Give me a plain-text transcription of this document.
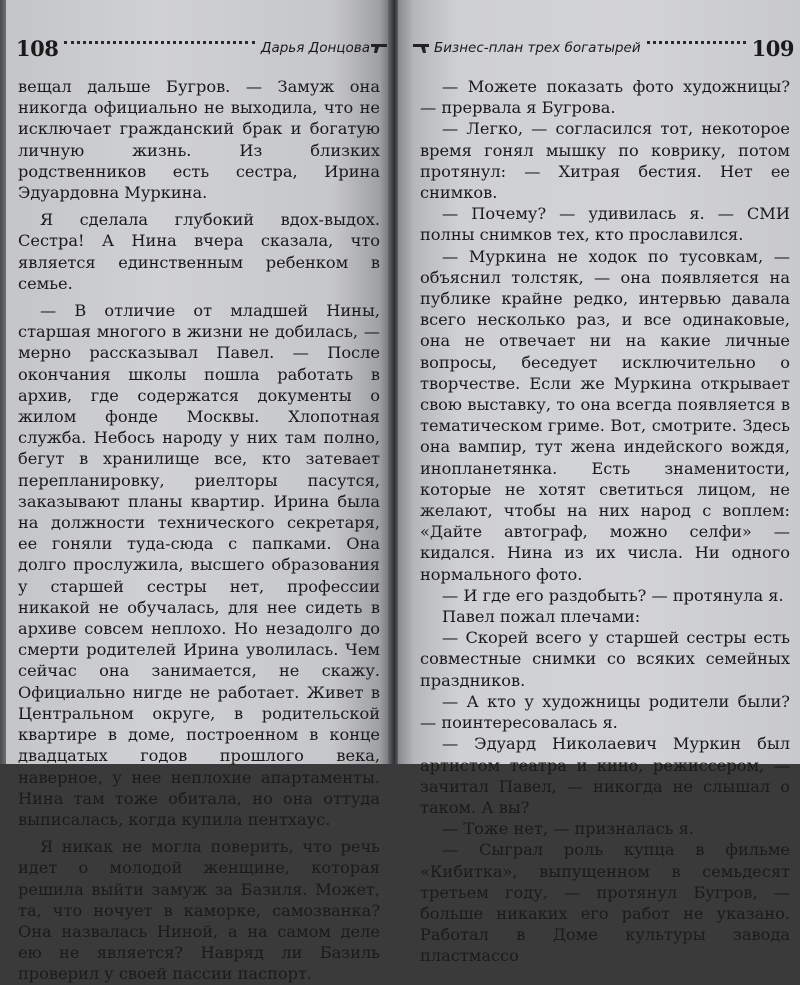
108	Дарья Донцова

вещал дальше Бугров. — Замуж она никогда официально не выходила, что не исключает гражданский брак и богатую личную жизнь. Из близких родственников есть сестра, Ирина Эдуардовна Муркина.

Я сделала глубокий вдох-выдох. Сестра! А Нина вчера сказала, что является единственным ребенком в семье.

— В отличие от младшей Нины, старшая многого в жизни не добилась, — мерно рассказывал Павел. — После окончания школы пошла работать в архив, где содержатся документы о жилом фонде Москвы. Хлопотная служба. Небось народу у них там полно, бегут в хранилище все, кто затевает перепланировку, риелторы пасутся, заказывают планы квартир. Ирина была на должности технического секретаря, ее гоняли туда-сюда с папками. Она долго прослужила, высшего образования у старшей сестры нет, профессии никакой не обучалась, для нее сидеть в архиве совсем неплохо. Но незадолго до смерти родителей Ирина уволилась. Чем сейчас она занимается, не скажу. Официально нигде не работает. Живет в Центральном округе, в родительской квартире в доме, построенном в конце двадцатых годов прошлого века, наверное, у нее неплохие апартаменты. Нина там тоже обитала, но она оттуда выписалась, когда купила пентхаус.

Я никак не могла поверить, что речь идет о молодой женщине, которая решила выйти замуж за Базиля. Может, та, что ночует в каморке, самозванка? Она назвалась Ниной, а на самом деле ею не является? Навряд ли Базиль проверил у своей пассии паспорт.

Бизнес-план трех богатырей	109

— Можете показать фото художницы? — прервала я Бугрова.

— Легко, — согласился тот, некоторое время гонял мышку по коврику, потом протянул: — Хитрая бестия. Нет ее снимков.

— Почему? — удивилась я. — СМИ полны снимков тех, кто прославился.

— Муркина не ходок по тусовкам, — объяснил толстяк, — она появляется на публике крайне редко, интервью давала всего несколько раз, и все одинаковые, она не отвечает ни на какие личные вопросы, беседует исключительно о творчестве. Если же Муркина открывает свою выставку, то она всегда появляется в тематическом гриме. Вот, смотрите. Здесь она вампир, тут жена индейского вождя, инопланетянка. Есть знаменитости, которые не хотят светиться лицом, не желают, чтобы на них народ с воплем: «Дайте автограф, можно селфи» — кидался. Нина из их числа. Ни одного нормального фото.

— И где его раздобыть? — протянула я.

Павел пожал плечами:

— Скорей всего у старшей сестры есть совместные снимки со всяких семейных праздников.

— А кто у художницы родители были? — поинтересовалась я.

— Эдуард Николаевич Муркин был артистом театра и кино, режиссером, — зачитал Павел, — никогда не слышал о таком. А вы?

— Тоже нет, — призналась я.

— Сыграл роль купца в фильме «Кибитка», выпущенном в семьдесят третьем году, — протянул Бугров, — больше никаких его работ не указано. Работал в Доме культуры завода пластмассо
